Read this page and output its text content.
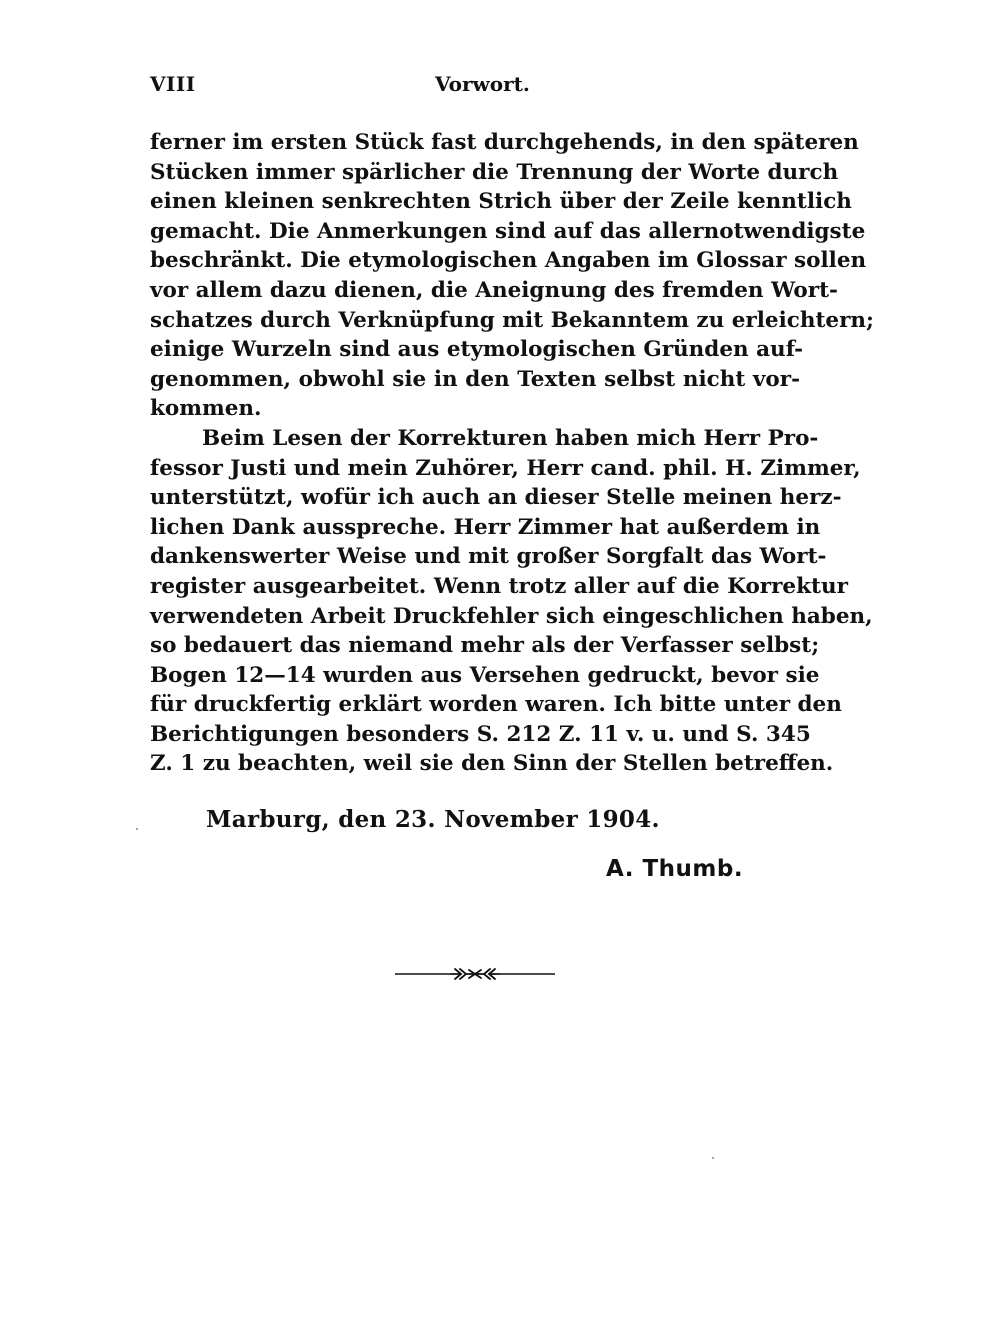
VIII	Vorwort.
ferner im ersten Stück fast durchgehends, in den späteren
Stücken immer spärlicher die Trennung der Worte durch
einen kleinen senkrechten Strich über der Zeile kenntlich
gemacht. Die Anmerkungen sind auf das allernotwendigste
beschränkt. Die etymologischen Angaben im Glossar sollen
vor allem dazu dienen, die Aneignung des fremden Wort-
schatzes durch Verknüpfung mit Bekanntem zu erleichtern;
einige Wurzeln sind aus etymologischen Gründen auf-
genommen, obwohl sie in den Texten selbst nicht vor-
kommen.
Beim Lesen der Korrekturen haben mich Herr Pro-
fessor Justi und mein Zuhörer, Herr cand. phil. H. Zimmer,
unterstützt, wofür ich auch an dieser Stelle meinen herz-
lichen Dank ausspreche. Herr Zimmer hat außerdem in
dankenswerter Weise und mit großer Sorgfalt das Wort-
register ausgearbeitet. Wenn trotz aller auf die Korrektur
verwendeten Arbeit Druckfehler sich eingeschlichen haben,
so bedauert das niemand mehr als der Verfasser selbst;
Bogen 12—14 wurden aus Versehen gedruckt, bevor sie
für druckfertig erklärt worden waren. Ich bitte unter den
Berichtigungen besonders S. 212 Z. 11 v. u. und S. 345
Z. 1 zu beachten, weil sie den Sinn der Stellen betreffen.
Marburg, den 23. November 1904.
A. Thumb.
